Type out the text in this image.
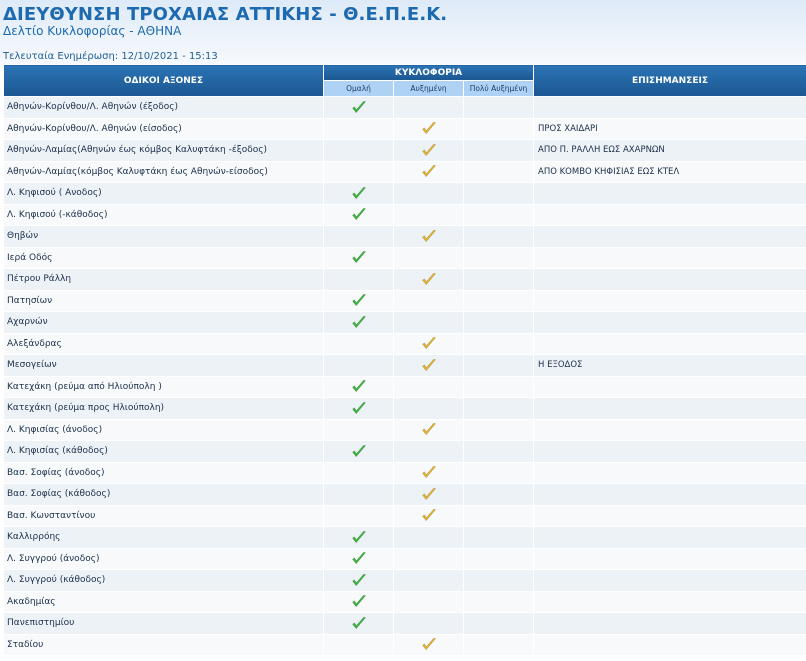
ΔΙΕΥΘΥΝΣΗ ΤΡΟΧΑΙΑΣ ΑΤΤΙΚΗΣ - Θ.Ε.Π.Ε.Κ.
Δελτίο Κυκλοφορίας - ΑΘΗΝΑ
Τελευταία Ενημέρωση: 12/10/2021 - 15:13
ΟΔΙΚΟΙ ΑΞΟΝΕΣ	ΚΥΚΛΟΦΟΡΙΑ			ΕΠΙΣΗΜΑΝΣΕΙΣ
	Ομαλή	Αυξημένη	Πολύ Αυξημένη	
Αθηνών-Κορίνθου/Λ. Αθηνών (έξοδος)				
Αθηνών-Κορίνθου/Λ. Αθηνών (είσοδος)				ΠΡΟΣ ΧΑΙΔΑΡΙ
Αθηνών-Λαμίας(Αθηνών έως κόμβος Καλυφτάκη -έξοδος)				ΑΠΟ Π. ΡΑΛΛΗ ΕΩΣ ΑΧΑΡΝΩΝ
Αθηνών-Λαμίας(κόμβος Καλυφτάκη έως Αθηνών-είσοδος)				ΑΠΟ ΚΟΜΒΟ ΚΗΦΙΣΙΑΣ ΕΩΣ ΚΤΕΛ
Λ. Κηφισού ( Ανοδος)				
Λ. Κηφισού (-κάθοδος)				
Θηβών				
Ιερά Οδός				
Πέτρου Ράλλη				
Πατησίων				
Αχαρνών				
Αλεξάνδρας				
Μεσογείων				Η ΕΞΟΔΟΣ
Κατεχάκη (ρεύμα από Ηλιούπολη )				
Κατεχάκη (ρεύμα προς Ηλιούπολη)				
Λ. Κηφισίας (άνοδος)				
Λ. Κηφισίας (κάθοδος)				
Βασ. Σοφίας (άνοδος)				
Βασ. Σοφίας (κάθοδος)				
Βασ. Κωνσταντίνου				
Καλλιρρόης				
Λ. Συγγρού (άνοδος)				
Λ. Συγγρού (κάθοδος)				
Ακαδημίας				
Πανεπιστημίου				
Σταδίου				
